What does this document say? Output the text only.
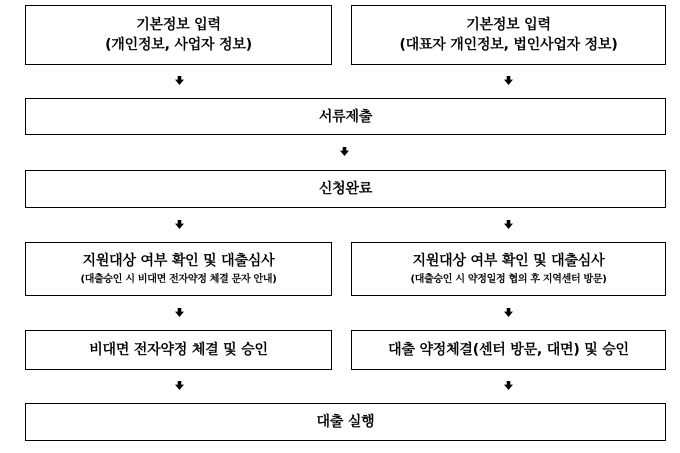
기본정보 입력
(개인정보, 사업자 정보)
기본정보 입력
(대표자 개인정보, 법인사업자 정보)
서류제출
신청완료
지원대상 여부 확인 및 대출심사
(대출승인 시 비대면 전자약정 체결 문자 안내)
지원대상 여부 확인 및 대출심사
(대출승인 시 약정일정 협의 후 지역센터 방문)
비대면 전자약정 체결 및 승인	대출 약정체결(센터 방문, 대면) 및 승인
대출 실행
